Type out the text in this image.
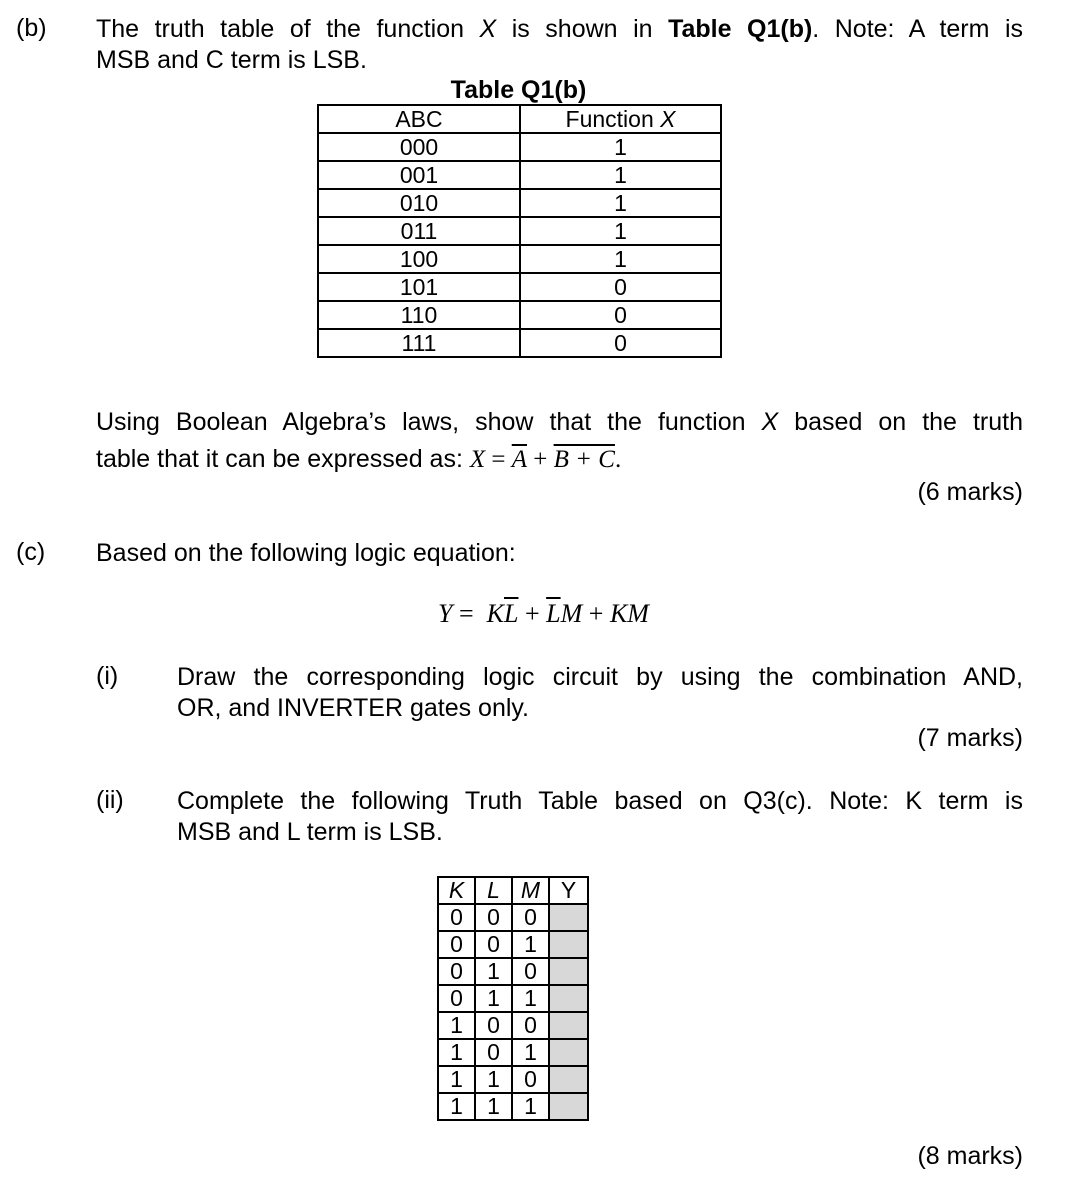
(b) The truth table of the function X is shown in Table Q1(b). Note: A term is
MSB and C term is LSB.
Table Q1(b)
ABC	Function X
000	1
001	1
010	1
011	1
100	1
101	0
110	0
111	0
Using Boolean Algebra’s laws, show that the function X based on the truth
table that it can be expressed as: $X = \overline{A} + B + C$.
(6 marks)
(c) Based on the following logic equation:
$Y = K\overline{L} + \overline{L}M$ + KM
(i) Draw the corresponding logic circuit by using the combination AND,
OR, and INVERTER gates only.
(7 marks)
(ii) Complete the following Truth Table based on Q3(c). Note: K term is
MSB and L term is LSB.
K	L	M	Y
0	0	0	
0	0	1	
0	1	0	
0	1	1	
1	0	0	
1	0	1	
1	1	0	
1	1	1	
(8 marks)
